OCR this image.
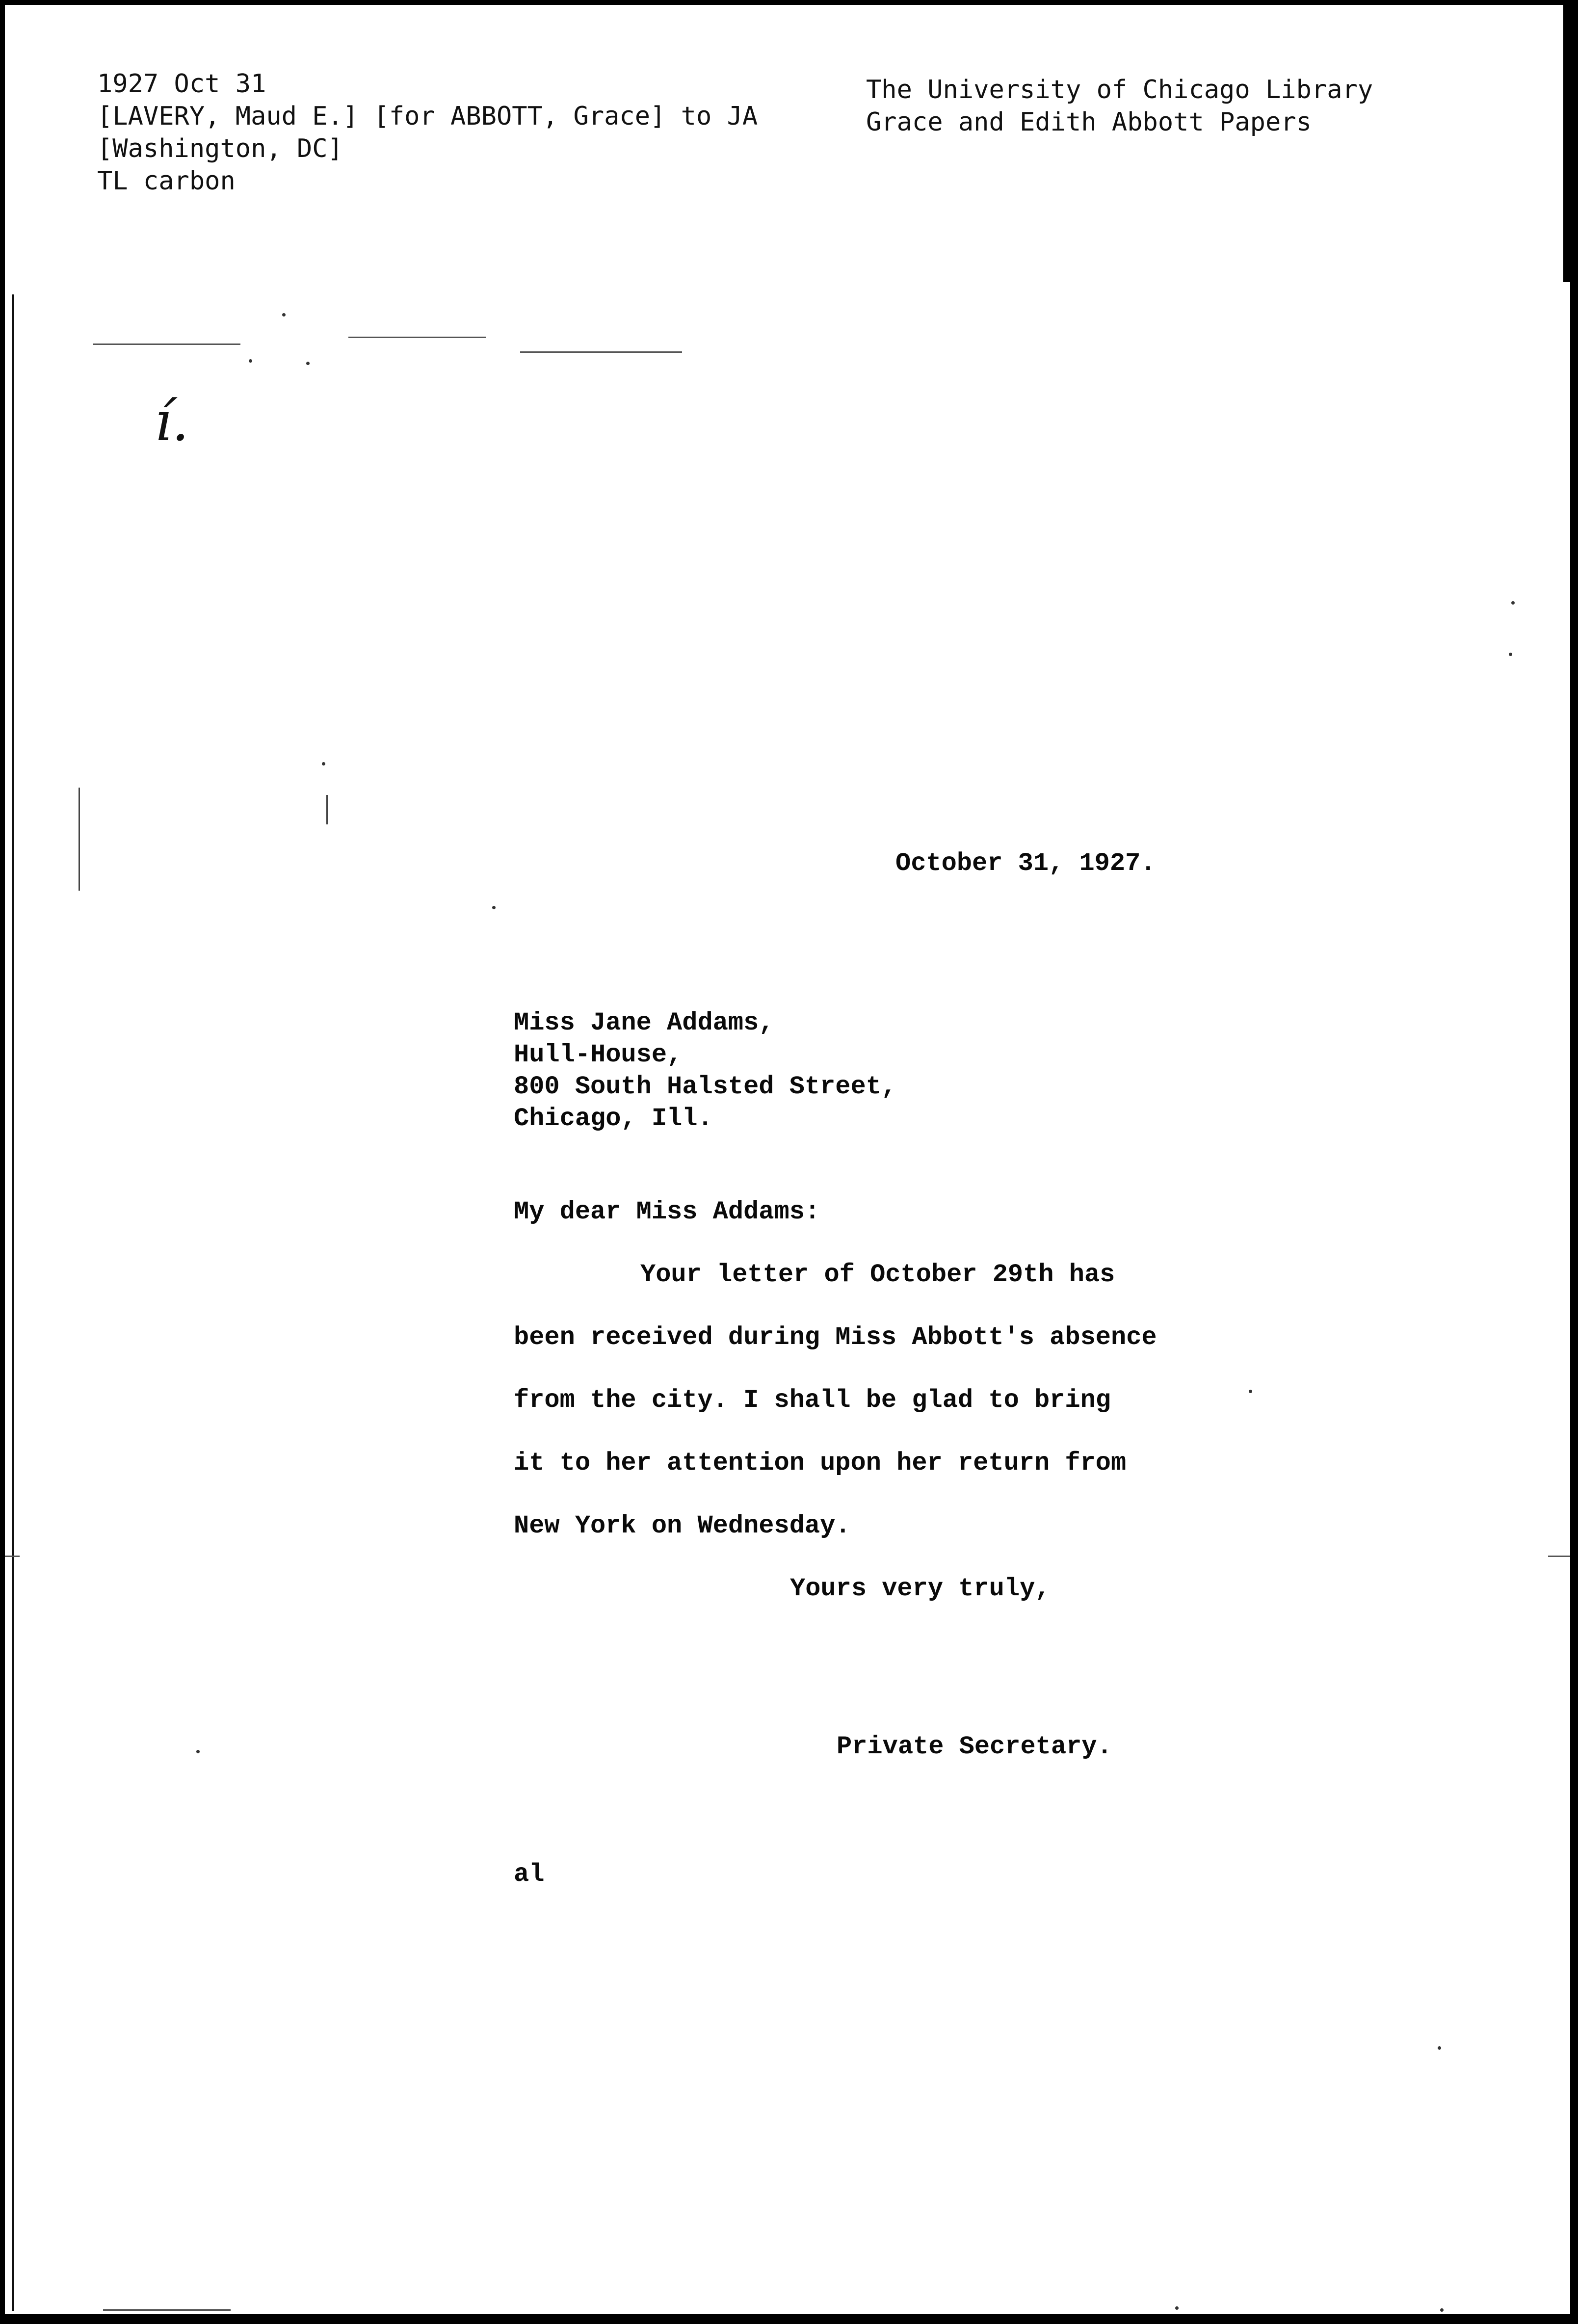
í.
1927 Oct 31
[LAVERY, Maud E.] [for ABBOTT, Grace] to JA
[Washington, DC]
TL carbon
The University of Chicago Library
Grace and Edith Abbott Papers
October 31, 1927.
Miss Jane Addams,
Hull-House,
800 South Halsted Street,
Chicago, Ill.
My dear Miss Addams:
Your letter of October 29th has
been received during Miss Abbott's absence
from the city. I shall be glad to bring
it to her attention upon her return from
New York on Wednesday.
Yours very truly,
Private Secretary.
al
